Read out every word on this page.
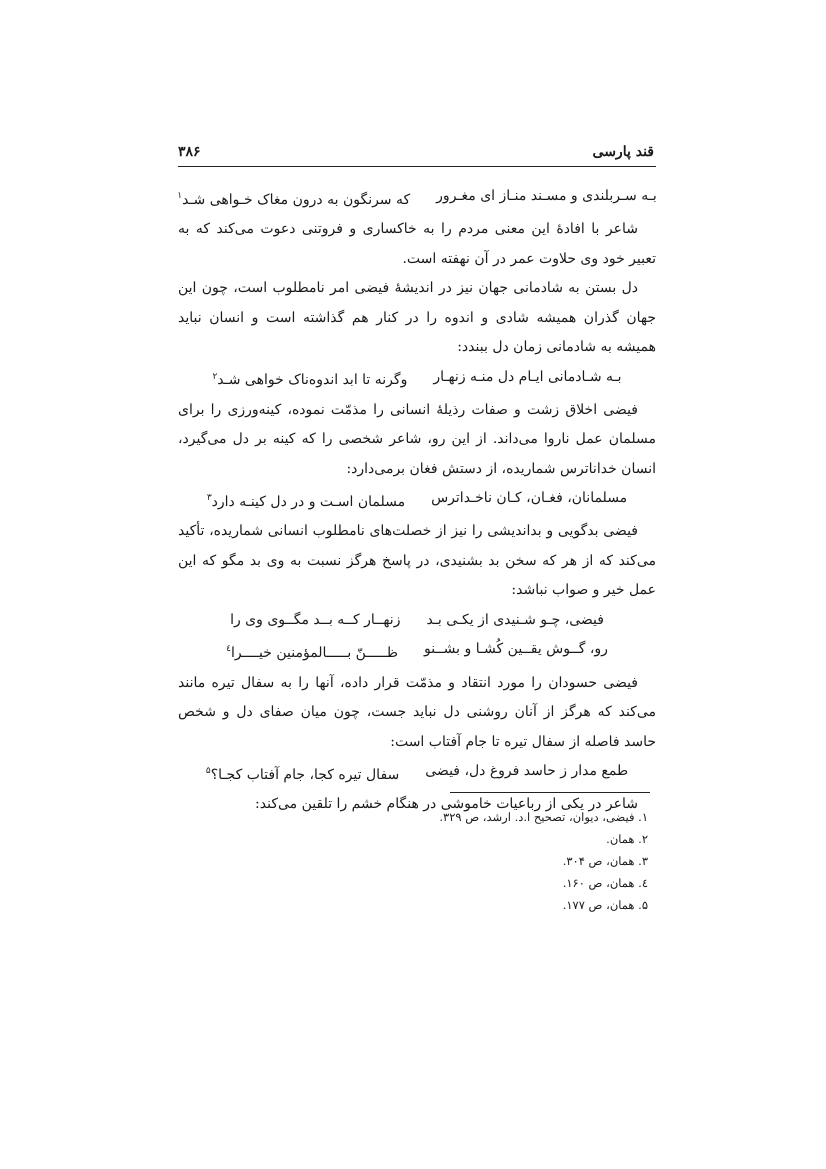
قند پارسی
۳۸۶
بـه سـربلندی و مسـند منـاز ای مغـرور
که سرنگون به درون مغاک خـواهی شـد$^۱$

شاعر با افادهٔ این معنی مردم را به خاکساری و فروتنی دعوت می‌کند که به تعبیر خود وی حلاوت عمر در آن نهفته است.

دل بستن به شادمانی جهان نیز در اندیشهٔ فیضی امر نامطلوب است، چون این جهان گذران همیشه شادی و اندوه را در کنار هم گذاشته است و انسان نباید همیشه به شادمانی زمان دل ببندد:

بـه شـادمانی ایـام دل منـه زنهـار
وگرنه تا ابد اندوه‌ناک خواهی شـد$^۲$

فیضی اخلاق زشت و صفات رذیلهٔ انسانی را مذمّت نموده، کینه‌ورزی را برای مسلمان عمل ناروا می‌داند. از این رو، شاعر شخصی را که کینه بر دل می‌گیرد، انسان خداناترس شماریده، از دستش فغان برمی‌دارد:

مسلمانان، فغـان، کـان ناخـداترس
مسلمان اسـت و در دل کینـه دارد$^۳$

فیضی بدگویی و بداندیشی را نیز از خصلت‌های نامطلوب انسانی شماریده، تأکید می‌کند که از هر که سخن بد بشنیدی، در پاسخ هرگز نسبت به وی بد مگو که این عمل خیر و صواب نباشد:

فیضی، چـو شـنیدی از یکـی بـد
زنهــار کــه بــد مگــوی وی را
رو، گــوش یقــین کُشـا و بشــنو
ظـــــنّ بـــــالمؤمنین خیــــرا$^٤$

فیضی حسودان را مورد انتقاد و مذمّت قرار داده، آنها را به سفال تیره مانند می‌کند که هرگز از آنان روشنی دل نباید جست، چون میان صفای دل و شخص حاسد فاصله از سفال تیره تا جام آفتاب است:

طمع مدار ز حاسد فروغ دل، فیضی
سفال تیره کجا، جام آفتاب کجـا؟$^۵$

شاعر در یکی از رباعیات خاموشی در هنگام خشم را تلقین می‌کند:

۱. فیضی، دیوان، تصحیح ا.د. ارشد، ص ۳۲۹.
۲. همان.
۳. همان، ص ۳۰۴.
٤. همان، ص ۱۶۰.
۵. همان، ص ۱۷۷.
